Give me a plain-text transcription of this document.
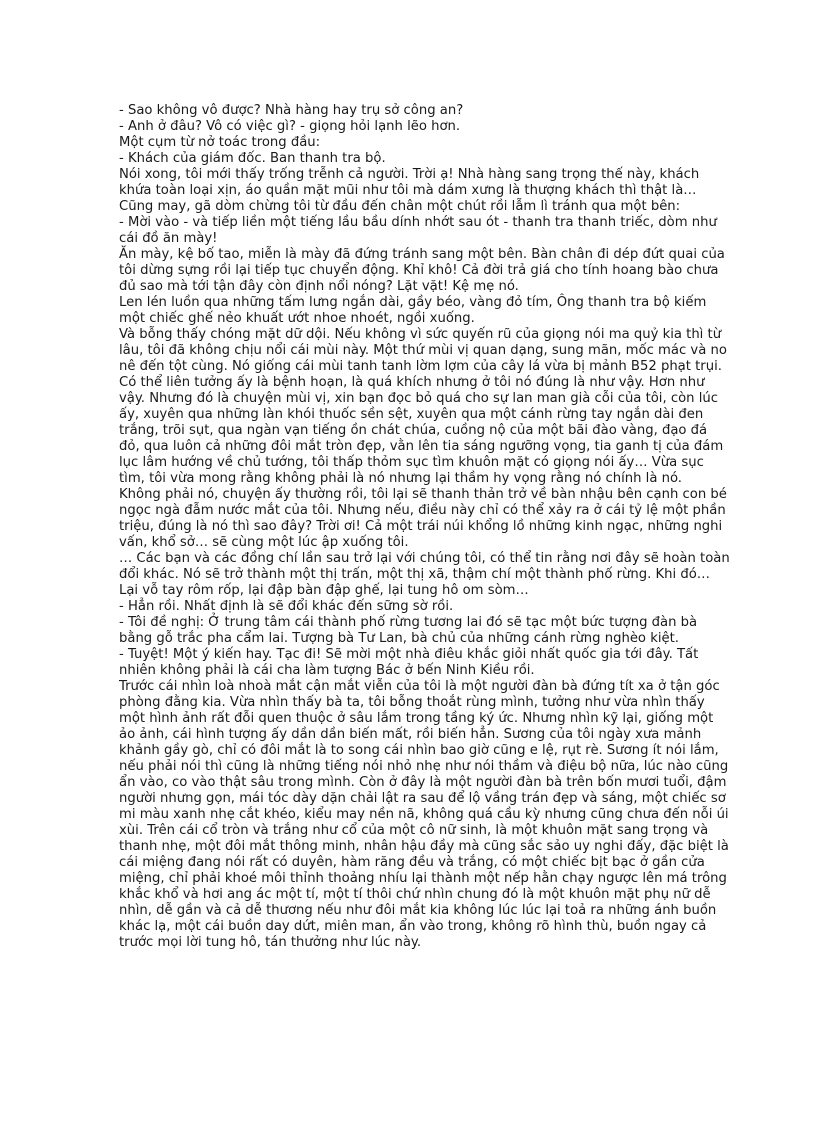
- Sao không vô được? Nhà hàng hay trụ sở công an?
- Anh ở đâu? Vô có việc gì? - giọng hỏi lạnh lẽo hơn.
Một cụm từ nở toác trong đầu:
- Khách của giám đốc. Ban thanh tra bộ.
Nói xong, tôi mới thấy trống trễnh cả người. Trời ạ! Nhà hàng sang trọng thế này, khách
khứa toàn loại xịn, áo quần mặt mũi như tôi mà dám xưng là thượng khách thì thật là…
Cũng may, gã dòm chừng tôi từ đầu đến chân một chút rồi lẫm lì tránh qua một bên:
- Mời vào - và tiếp liền một tiếng lầu bầu dính nhớt sau ót - thanh tra thanh triếc, dòm như
cái đồ ăn mày!
Ăn mày, kệ bố tao, miễn là mày đã đứng tránh sang một bên. Bàn chân đi dép đứt quai của
tôi dừng sựng rồi lại tiếp tục chuyển động. Khỉ khô! Cả đời trả giá cho tính hoang bào chưa
đủ sao mà tới tận đây còn định nổi nóng? Lặt vặt! Kệ mẹ nó.
Len lén luồn qua những tấm lưng ngắn dài, gầy béo, vàng đỏ tím, Ông thanh tra bộ kiếm
một chiếc ghế nẻo khuất ướt nhoe nhoét, ngồi xuống.
Và bỗng thấy chóng mặt dữ dội. Nếu không vì sức quyến rũ của giọng nói ma quỷ kia thì từ
lâu, tôi đã không chịu nổi cái mùi này. Một thứ mùi vị quan dạng, sung mãn, mốc mác và no
nê đến tột cùng. Nó giống cái mùi tanh tanh lờm lợm của cây lá vừa bị mảnh B52 phạt trụi.
Có thể liên tưởng ấy là bệnh hoạn, là quá khích nhưng ở tôi nó đúng là như vậy. Hơn như
vậy. Nhưng đó là chuyện mùi vị, xin bạn đọc bỏ quá cho sự lan man già cỗi của tôi, còn lúc
ấy, xuyên qua những làn khói thuốc sền sệt, xuyên qua một cánh rừng tay ngắn dài đen
trắng, trõi sụt, qua ngàn vạn tiếng ồn chát chúa, cuồng nộ của một bãi đào vàng, đạo đá
đỏ, qua luôn cả những đôi mắt tròn đẹp, vằn lên tia sáng ngưỡng vọng, tia ganh tị của đám
lục lâm hướng về chủ tướng, tôi thấp thỏm sục tìm khuôn mặt có giọng nói ấy… Vừa sục
tìm, tôi vừa mong rằng không phải là nó nhưng lại thầm hy vọng rằng nó chính là nó.
Không phải nó, chuyện ấy thường rồi, tôi lại sẽ thanh thản trở về bàn nhậu bên cạnh con bé
ngọc ngà đẫm nước mắt của tôi. Nhưng nếu, điều này chỉ có thể xảy ra ở cái tỷ lệ một phần
triệu, đúng là nó thì sao đây? Trời ơi! Cả một trái núi khổng lồ những kinh ngạc, những nghi
vấn, khổ sở… sẽ cùng một lúc ập xuống tôi.
… Các bạn và các đồng chí lần sau trở lại với chúng tôi, có thể tin rằng nơi đây sẽ hoàn toàn
đổi khác. Nó sẽ trở thành một thị trấn, một thị xã, thậm chí một thành phố rừng. Khi đó…
Lại vỗ tay rôm rốp, lại đập bàn đập ghế, lại tung hô om sòm…
- Hẳn rồi. Nhất định là sẽ đổi khác đến sững sờ rồi.
- Tôi đề nghị: Ở trung tâm cái thành phố rừng tương lai đó sẽ tạc một bức tượng đàn bà
bằng gỗ trắc pha cẩm lai. Tượng bà Tư Lan, bà chủ của những cánh rừng nghèo kiệt.
- Tuyệt! Một ý kiến hay. Tạc đi! Sẽ mời một nhà điêu khắc giỏi nhất quốc gia tới đây. Tất
nhiên không phải là cái cha làm tượng Bác ở bến Ninh Kiều rồi.
Trước cái nhìn loà nhoà mắt cận mắt viễn của tôi là một người đàn bà đứng tít xa ở tận góc
phòng đằng kia. Vừa nhìn thấy bà ta, tôi bỗng thoắt rùng mình, tưởng như vừa nhìn thấy
một hình ảnh rất đỗi quen thuộc ở sâu lắm trong tầng ký ức. Nhưng nhìn kỹ lại, giống một
ảo ảnh, cái hình tượng ấy dần dần biến mất, rồi biến hẳn. Sương của tôi ngày xưa mảnh
khảnh gầy gò, chỉ có đôi mắt là to song cái nhìn bao giờ cũng e lệ, rụt rè. Sương ít nói lắm,
nếu phải nói thì cũng là những tiếng nói nhỏ nhẹ như nói thầm và điệu bộ nữa, lúc nào cũng
ẩn vào, co vào thật sâu trong mình. Còn ở đây là một người đàn bà trên bốn mươi tuổi, đậm
người nhưng gọn, mái tóc dày dặn chải lật ra sau để lộ vầng trán đẹp và sáng, một chiếc sơ
mi màu xanh nhẹ cắt khéo, kiểu may nền nã, không quá cầu kỳ nhưng cũng chưa đến nỗi úi
xùi. Trên cái cổ tròn và trắng như cổ của một cô nữ sinh, là một khuôn mặt sang trọng và
thanh nhẹ, một đôi mắt thông minh, nhân hậu đầy mà cũng sắc sảo uy nghi đấy, đặc biệt là
cái miệng đang nói rất có duyên, hàm răng đều và trắng, có một chiếc bịt bạc ở gần cửa
miệng, chỉ phải khoé môi thỉnh thoảng nhíu lại thành một nếp hằn chạy ngược lên má trông
khắc khổ và hơi ang ác một tí, một tí thôi chứ nhìn chung đó là một khuôn mặt phụ nữ dễ
nhìn, dễ gần và cả dễ thương nếu như đôi mắt kia không lúc lúc lại toả ra những ánh buồn
khác lạ, một cái buồn day dứt, miên man, ẩn vào trong, không rõ hình thù, buồn ngay cả
trước mọi lời tung hô, tán thưởng như lúc này.
